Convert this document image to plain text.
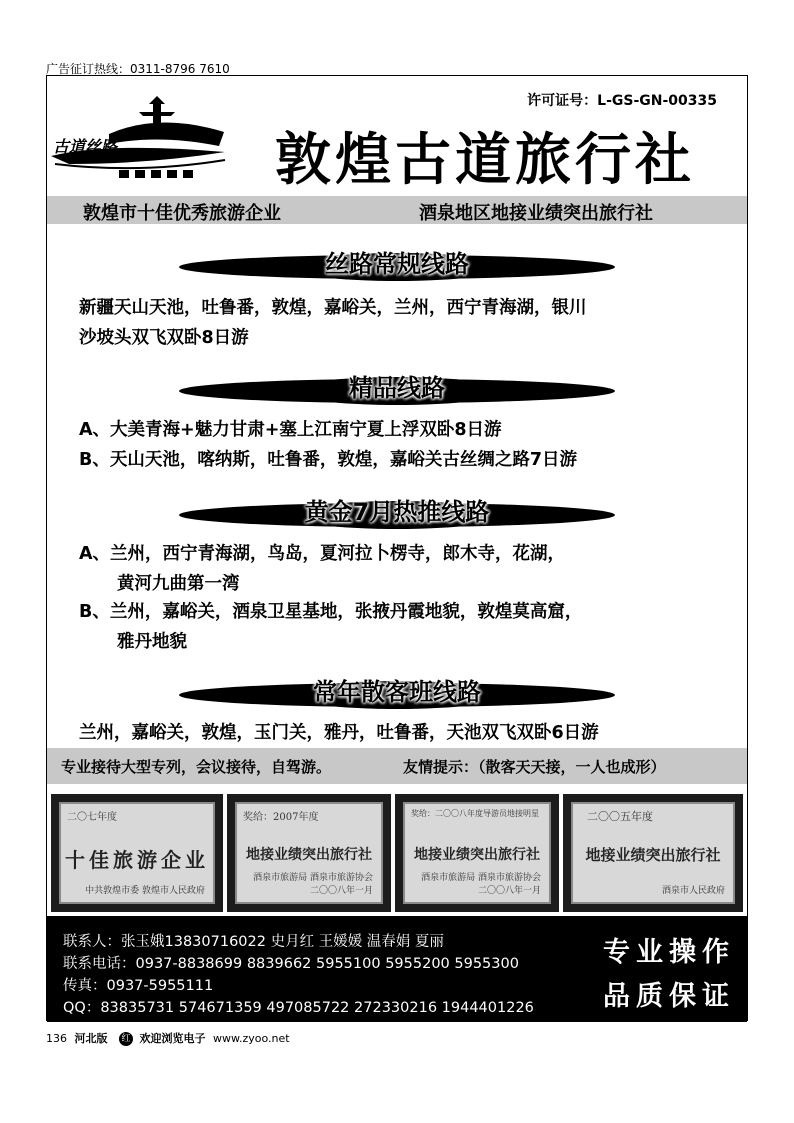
广告征订热线：0311-8796 7610
许可证号：L-GS-GN-00335
古道丝路	敦煌古道旅行社
敦煌市十佳优秀旅游企业	酒泉地区地接业绩突出旅行社
丝路常规线路
新疆天山天池，吐鲁番，敦煌，嘉峪关，兰州，西宁青海湖，银川
沙坡头双飞双卧8日游
精品线路
A、大美青海+魅力甘肃+塞上江南宁夏上浮双卧8日游
B、天山天池，喀纳斯，吐鲁番，敦煌，嘉峪关古丝绸之路7日游
黄金7月热推线路
A、兰州，西宁青海湖，鸟岛，夏河拉卜楞寺，郎木寺，花湖，
黄河九曲第一湾
B、兰州，嘉峪关，酒泉卫星基地，张掖丹霞地貌，敦煌莫高窟，
雅丹地貌
常年散客班线路
兰州，嘉峪关，敦煌，玉门关，雅丹，吐鲁番，天池双飞双卧6日游
专业接待大型专列，会议接待，自驾游。	友情提示：（散客天天接，一人也成形）
二〇七年度
十佳旅游企业
中共敦煌市委 敦煌市人民政府
奖给：2007年度
地接业绩突出旅行社
酒泉市旅游局 酒泉市旅游协会 二〇〇八年一月
奖给：二〇〇八年度导游员地接明星
地接业绩突出旅行社
酒泉市旅游局 酒泉市旅游协会 二〇〇八年一月
二〇〇五年度
地接业绩突出旅行社
酒泉市人民政府
联系人：张玉娥13830716022 史月红 王媛媛 温春娟 夏丽
联系电话：0937-8838699 8839662 5955100 5955200 5955300
传真：0937-5955111
QQ：83835731 574671359 497085722 272330216 1944401226
专业操作
品质保证
136 河北版 红 欢迎浏览电子 www.zyoo.net
